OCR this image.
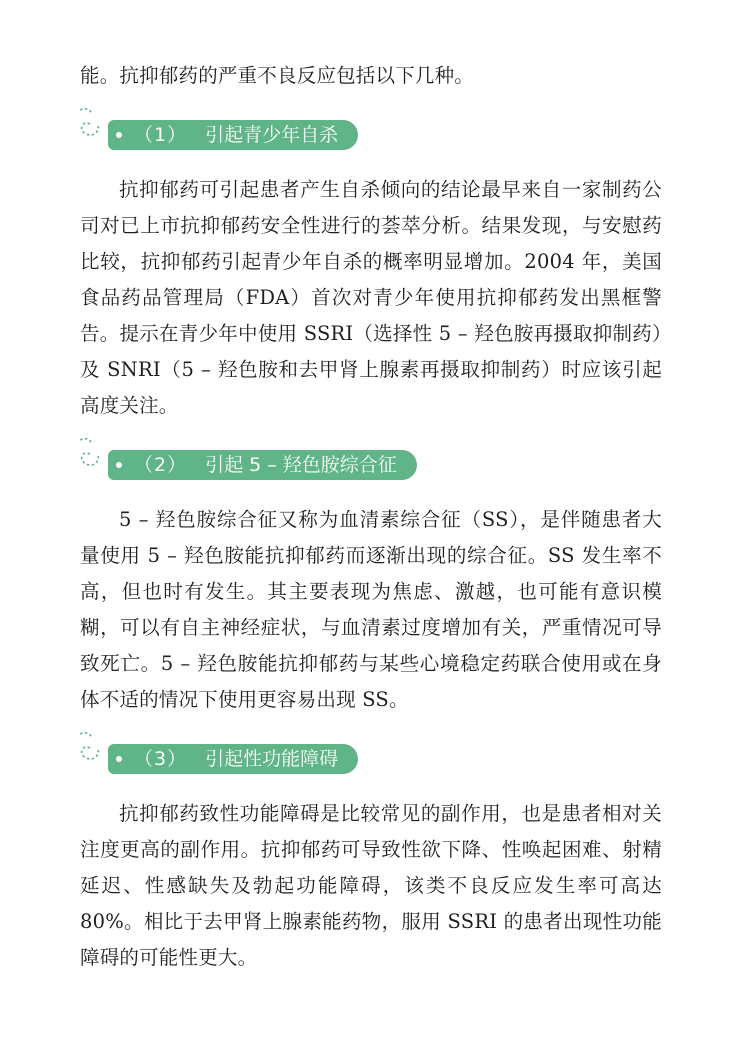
能。抗抑郁药的严重不良反应包括以下几种。

（1） 引起青少年自杀

抗抑郁药可引起患者产生自杀倾向的结论最早来自一家制药公司对已上市抗抑郁药安全性进行的荟萃分析。结果发现，与安慰药比较，抗抑郁药引起青少年自杀的概率明显增加。2004 年，美国食品药品管理局（FDA）首次对青少年使用抗抑郁药发出黑框警告。提示在青少年中使用 SSRI（选择性 5 – 羟色胺再摄取抑制药）及 SNRI（5 – 羟色胺和去甲肾上腺素再摄取抑制药）时应该引起高度关注。

（2） 引起 5 – 羟色胺综合征

5 – 羟色胺综合征又称为血清素综合征（SS），是伴随患者大量使用 5 – 羟色胺能抗抑郁药而逐渐出现的综合征。SS 发生率不高，但也时有发生。其主要表现为焦虑、激越，也可能有意识模糊，可以有自主神经症状，与血清素过度增加有关，严重情况可导致死亡。5 – 羟色胺能抗抑郁药与某些心境稳定药联合使用或在身体不适的情况下使用更容易出现 SS。

（3） 引起性功能障碍

抗抑郁药致性功能障碍是比较常见的副作用，也是患者相对关注度更高的副作用。抗抑郁药可导致性欲下降、性唤起困难、射精延迟、性感缺失及勃起功能障碍，该类不良反应发生率可高达 80%。相比于去甲肾上腺素能药物，服用 SSRI 的患者出现性功能障碍的可能性更大。
